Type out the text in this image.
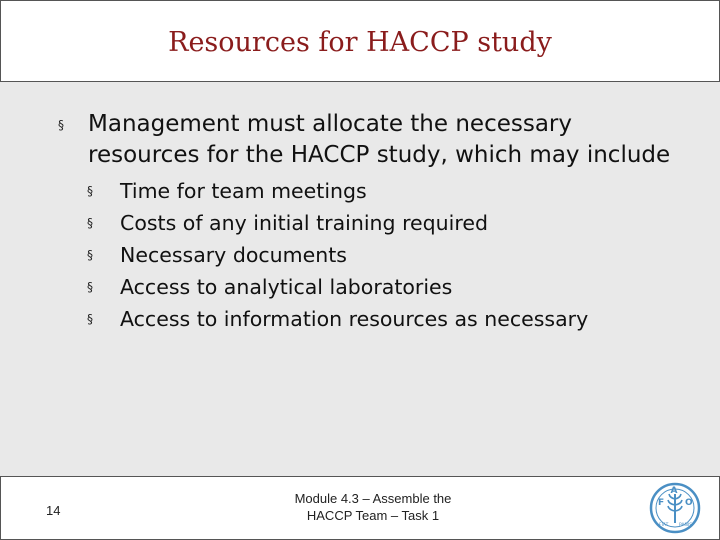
Resources for HACCP study
§ Management must allocate the necessary resources for the HACCP study, which may include
§ Time for team meetings
§ Costs of any initial training required
§ Necessary documents
§ Access to analytical laboratories
§ Access to information resources as necessary
14
Module 4.3 – Assemble the
HACCP Team – Task 1
F
A
O
FIAT PANIS
